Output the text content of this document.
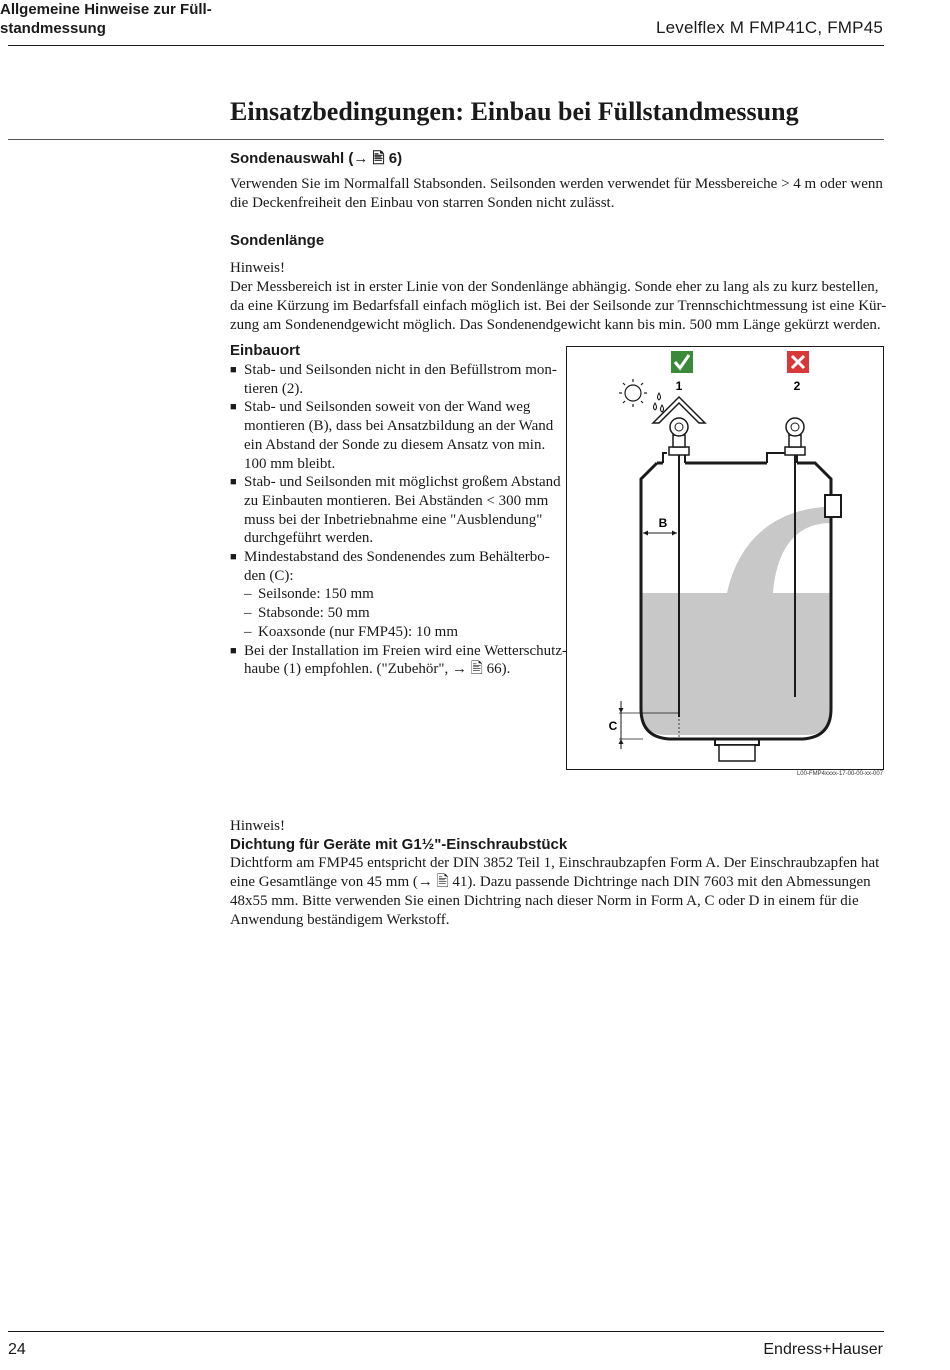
Levelflex M FMP41C, FMP45
Einsatzbedingungen: Einbau bei Füllstandmessung
Allgemeine Hinweise zur Füll-
standmessung
Sondenauswahl (→ 🖹 6)
Verwenden Sie im Normalfall Stabsonden. Seilsonden werden verwendet für Messbereiche > 4 m oder wenn
die Deckenfreiheit den Einbau von starren Sonden nicht zulässt.
Sondenlänge
Hinweis!
Der Messbereich ist in erster Linie von der Sondenlänge abhängig. Sonde eher zu lang als zu kurz bestellen,
da eine Kürzung im Bedarfsfall einfach möglich ist. Bei der Seilsonde zur Trennschichtmessung ist eine Kür-
zung am Sondenendgewicht möglich. Das Sondenendgewicht kann bis min. 500 mm Länge gekürzt werden.
Einbauort
■ Stab- und Seilsonden nicht in den Befüllstrom mon-
tieren (2).
■ Stab- und Seilsonden soweit von der Wand weg
montieren (B), dass bei Ansatzbildung an der Wand
ein Abstand der Sonde zu diesem Ansatz von min.
100 mm bleibt.
■ Stab- und Seilsonden mit möglichst großem Abstand
zu Einbauten montieren. Bei Abständen < 300 mm
muss bei der Inbetriebnahme eine "Ausblendung"
durchgeführt werden.
■ Mindestabstand des Sondenendes zum Behälterbo-
den (C):
– Seilsonde: 150 mm
– Stabsonde: 50 mm
– Koaxsonde (nur FMP45): 10 mm
■ Bei der Installation im Freien wird eine Wetterschutz-
haube (1) empfohlen. ("Zubehör", → 🖹 66).
1	2
B
C
L00-FMP4xxxx-17-00-00-xx-007
Hinweis!
Dichtung für Geräte mit G1½"-Einschraubstück
Dichtform am FMP45 entspricht der DIN 3852 Teil 1, Einschraubzapfen Form A. Der Einschraubzapfen hat
eine Gesamtlänge von 45 mm (→ 🖹 41). Dazu passende Dichtringe nach DIN 7603 mit den Abmessungen
48x55 mm. Bitte verwenden Sie einen Dichtring nach dieser Norm in Form A, C oder D in einem für die
Anwendung beständigem Werkstoff.
24	Endress+Hauser
